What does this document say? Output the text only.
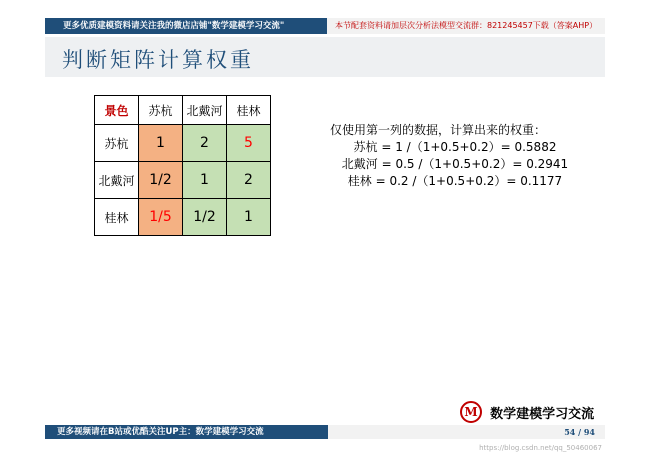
更多优质建模资料请关注我的微店店铺"数学建模学习交流"	本节配套资料请加层次分析法模型交流群：821245457下载（答案AHP）
判断矩阵计算权重
景色	苏杭	北戴河	桂林
苏杭	1	2	5
北戴河	1/2	1	2
桂林	1/5	1/2	1
仅使用第一列的数据，计算出来的权重：
苏杭 = 1 /（1+0.5+0.2）= 0.5882
北戴河 = 0.5 /（1+0.5+0.2）= 0.2941
桂林 = 0.2 /（1+0.5+0.2）= 0.1177
M 数学建模学习交流
更多视频请在B站或优酷关注UP主：数学建模学习交流	54 / 94
https://blog.csdn.net/qq_50460067
